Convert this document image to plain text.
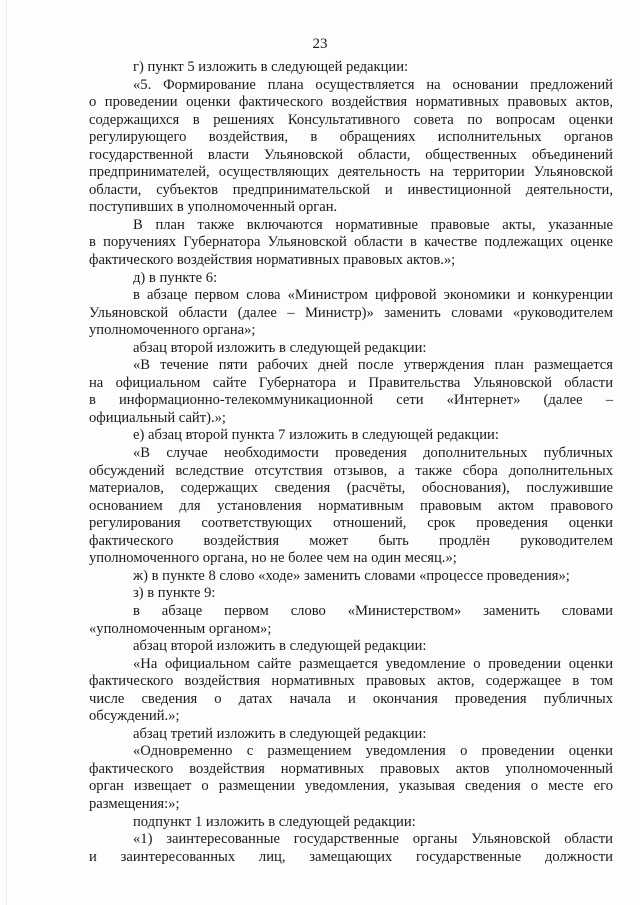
23
г) пункт 5 изложить в следующей редакции:
«5. Формирование плана осуществляется на основании предложений
о проведении оценки фактического воздействия нормативных правовых актов,
содержащихся в решениях Консультативного совета по вопросам оценки
регулирующего воздействия, в обращениях исполнительных органов
государственной власти Ульяновской области, общественных объединений
предпринимателей, осуществляющих деятельность на территории Ульяновской
области, субъектов предпринимательской и инвестиционной деятельности,
поступивших в уполномоченный орган.
В план также включаются нормативные правовые акты, указанные
в поручениях Губернатора Ульяновской области в качестве подлежащих оценке
фактического воздействия нормативных правовых актов.»;
д) в пункте 6:
в абзаце первом слова «Министром цифровой экономики и конкуренции
Ульяновской области (далее – Министр)» заменить словами «руководителем
уполномоченного органа»;
абзац второй изложить в следующей редакции:
«В течение пяти рабочих дней после утверждения план размещается
на официальном сайте Губернатора и Правительства Ульяновской области
в информационно-телекоммуникационной сети «Интернет» (далее –
официальный сайт).»;
е) абзац второй пункта 7 изложить в следующей редакции:
«В случае необходимости проведения дополнительных публичных
обсуждений вследствие отсутствия отзывов, а также сбора дополнительных
материалов, содержащих сведения (расчёты, обоснования), послужившие
основанием для установления нормативным правовым актом правового
регулирования соответствующих отношений, срок проведения оценки
фактического воздействия может быть продлён руководителем
уполномоченного органа, но не более чем на один месяц.»;
ж) в пункте 8 слово «ходе» заменить словами «процессе проведения»;
з) в пункте 9:
в абзаце первом слово «Министерством» заменить словами
«уполномоченным органом»;
абзац второй изложить в следующей редакции:
«На официальном сайте размещается уведомление о проведении оценки
фактического воздействия нормативных правовых актов, содержащее в том
числе сведения о датах начала и окончания проведения публичных
обсуждений.»;
абзац третий изложить в следующей редакции:
«Одновременно с размещением уведомления о проведении оценки
фактического воздействия нормативных правовых актов уполномоченный
орган извещает о размещении уведомления, указывая сведения о месте его
размещения:»;
подпункт 1 изложить в следующей редакции:
«1) заинтересованные государственные органы Ульяновской области
и заинтересованных лиц, замещающих государственные должности
